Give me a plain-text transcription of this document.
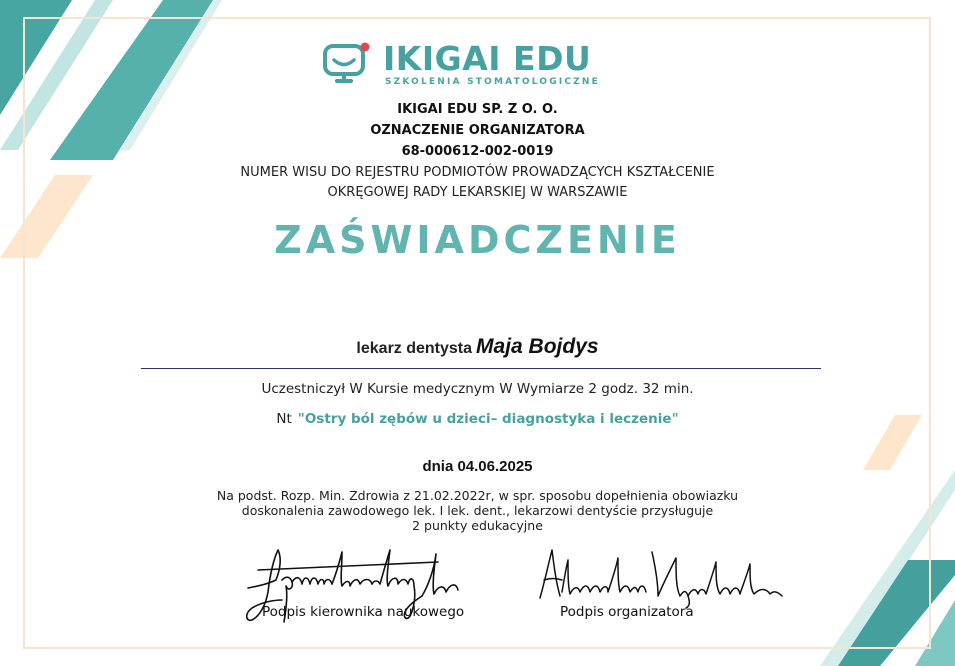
IKIGAI EDU
SZKOLENIA STOMATOLOGICZNE
IKIGAI EDU SP. Z O. O.
OZNACZENIE ORGANIZATORA
68-000612-002-0019
NUMER WISU DO REJESTRU PODMIOTÓW PROWADZĄCYCH KSZTAŁCENIE
OKRĘGOWEJ RADY LEKARSKIEJ W WARSZAWIE
ZAŚWIADCZENIE
lekarz dentysta Maja Bojdys
Uczestniczył W Kursie medycznym W Wymiarze 2 godz. 32 min.
Nt "Ostry ból zębów u dzieci– diagnostyka i leczenie"
dnia 04.06.2025
Na podst. Rozp. Min. Zdrowia z 21.02.2022r, w spr. sposobu dopełnienia obowiazku
doskonalenia zawodowego lek. I lek. dent., lekarzowi dentyście przysługuje
2 punkty edukacyjne
Podpis kierownika naukowego	Podpis organizatora
